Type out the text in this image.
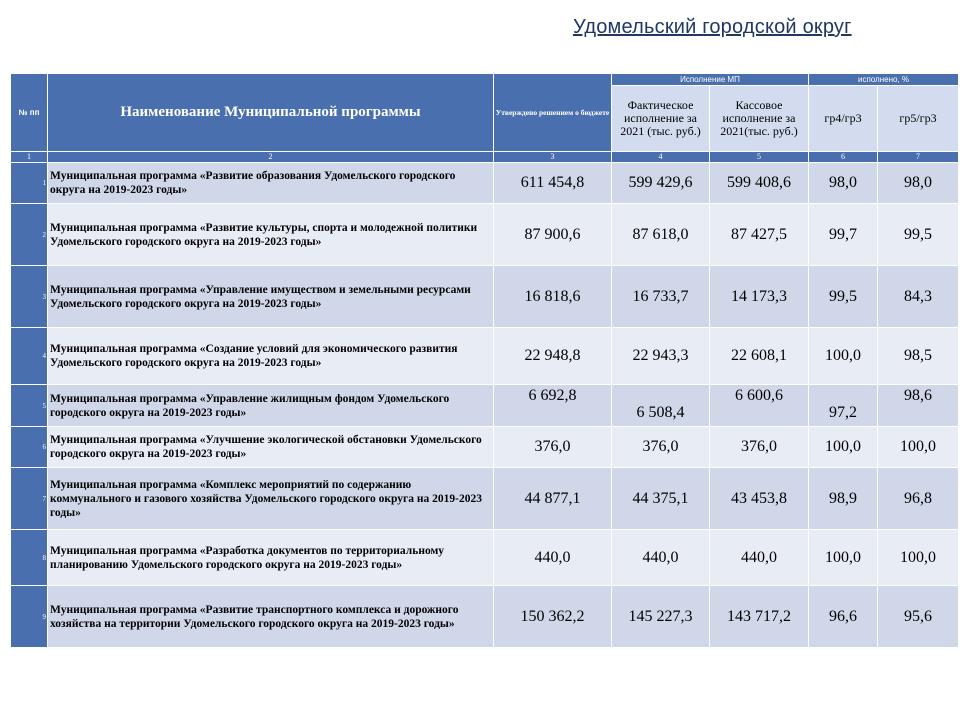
Удомельский городской округ
№ пп	Наименование Муниципальной программы	Утверждено решением о бюджете	Исполнение МП		исполнено, %	
			Фактическое исполнение за 2021 (тыс. руб.)	Кассовое исполнение за 2021(тыс. руб.)	гр4/гр3	гр5/гр3
1	2	3	4	5	6	7
1	Муниципальная программа «Развитие образования Удомельского городского округа на 2019-2023 годы»	611 454,8	599 429,6	599 408,6	98,0	98,0
2	Муниципальная программа «Развитие культуры, спорта и молодежной политики Удомельского городского округа на 2019-2023 годы»	87 900,6	87 618,0	87 427,5	99,7	99,5
3	Муниципальная программа «Управление имуществом и земельными ресурсами Удомельского городского округа на 2019-2023 годы»	16 818,6	16 733,7	14 173,3	99,5	84,3
4	Муниципальная программа «Создание условий для экономического развития Удомельского городского округа на 2019-2023 годы»	22 948,8	22 943,3	22 608,1	100,0	98,5
5	Муниципальная программа «Управление жилищным фондом Удомельского городского округа на 2019-2023 годы»	6 692,8	6 508,4	6 600,6	97,2	98,6
6	Муниципальная программа «Улучшение экологической обстановки Удомельского городского округа на 2019-2023 годы»	376,0	376,0	376,0	100,0	100,0
7	Муниципальная программа «Комплекс мероприятий по содержанию коммунального и газового хозяйства Удомельского городского округа на 2019-2023 годы»	44 877,1	44 375,1	43 453,8	98,9	96,8
8	Муниципальная программа «Разработка документов по территориальному планированию Удомельского городского округа на 2019-2023 годы»	440,0	440,0	440,0	100,0	100,0
9	Муниципальная программа «Развитие транспортного комплекса и дорожного хозяйства на территории Удомельского городского округа на 2019-2023 годы»	150 362,2	145 227,3	143 717,2	96,6	95,6
